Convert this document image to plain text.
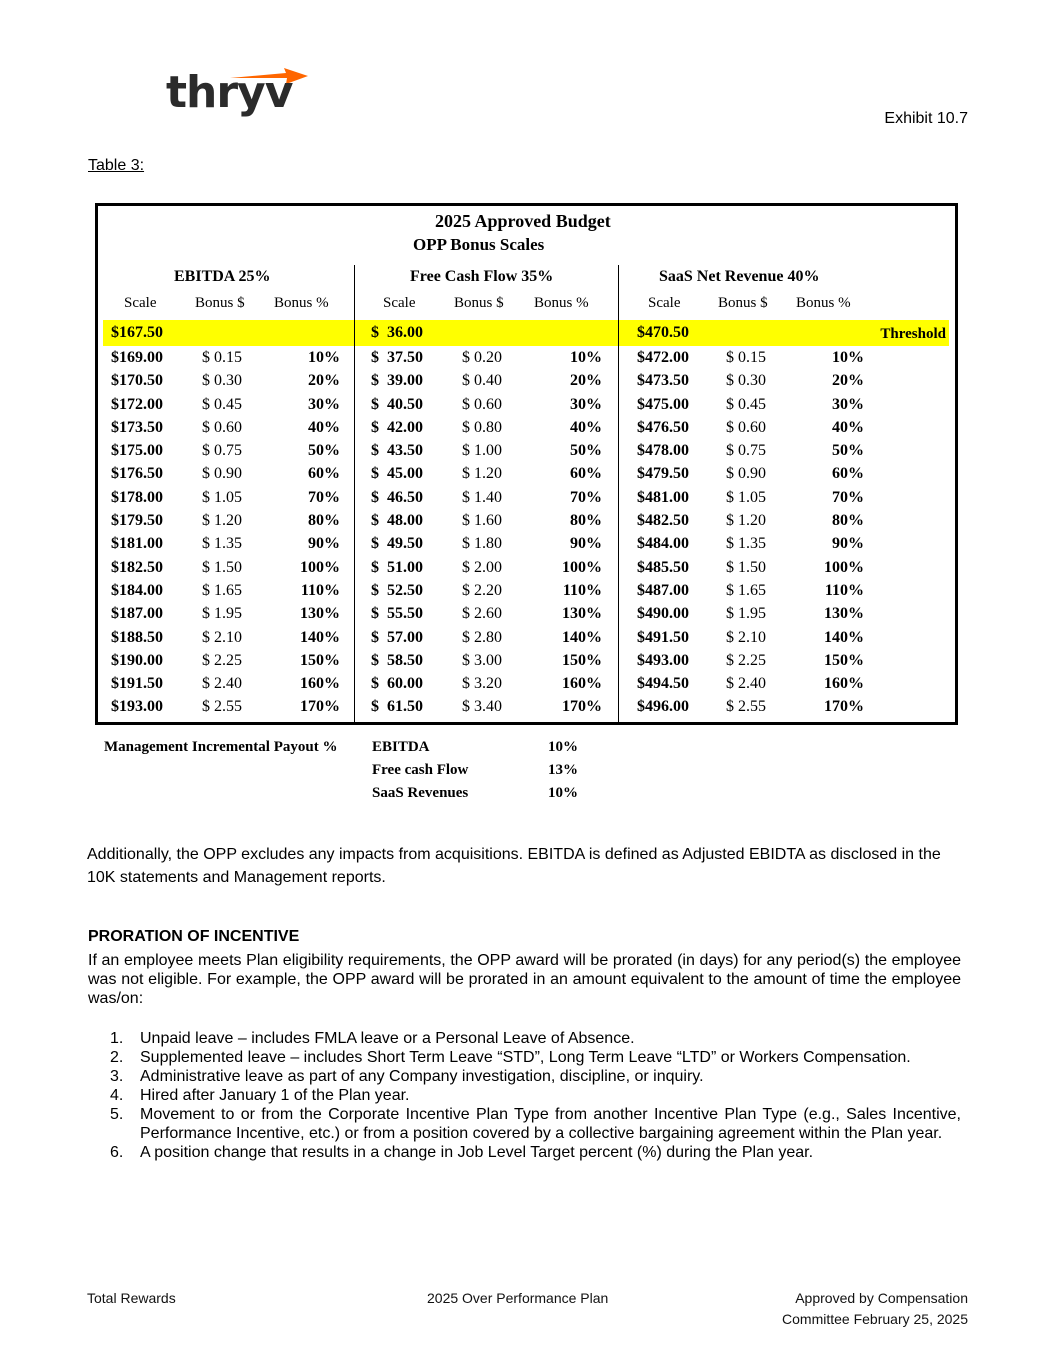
thryv
Exhibit 10.7
Table 3:
2025 Approved Budget
OPP Bonus Scales
EBITDA 25%
Scale	Bonus $ Bonus %
$167.50
$169.00 $ 0.15	10%
$170.50 $ 0.30	20%
$172.00 $ 0.45	30%
$173.50 $ 0.60	40%
$175.00 $ 0.75	50%
$176.50 $ 0.90	60%
$178.00 $ 1.05	70%
$179.50 $ 1.20	80%
$181.00 $ 1.35	90%
$182.50 $ 1.50	100%
$184.00 $ 1.65	110%
$187.00 $ 1.95	130%
$188.50 $ 2.10	140%
$190.00 $ 2.25	150%
$191.50 $ 2.40	160%
$193.00 $ 2.55	170%
Free Cash Flow 35%
Scale	Bonus $ Bonus %
$  36.00
$  37.50 $ 0.20	10%
$  39.00 $ 0.40	20%
$  40.50 $ 0.60	30%
$  42.00 $ 0.80	40%
$  43.50 $ 1.00	50%
$  45.00 $ 1.20	60%
$  46.50 $ 1.40	70%
$  48.00 $ 1.60	80%
$  49.50 $ 1.80	90%
$  51.00 $ 2.00	100%
$  52.50 $ 2.20	110%
$  55.50 $ 2.60	130%
$  57.00 $ 2.80	140%
$  58.50 $ 3.00	150%
$  60.00 $ 3.20	160%
$  61.50 $ 3.40	170%
SaaS Net Revenue 40%
Scale	Bonus $ Bonus %
$470.50
$472.00 $ 0.15	10%
$473.50 $ 0.30	20%
$475.00 $ 0.45	30%
$476.50 $ 0.60	40%
$478.00 $ 0.75	50%
$479.50 $ 0.90	60%
$481.00 $ 1.05	70%
$482.50 $ 1.20	80%
$484.00 $ 1.35	90%
$485.50 $ 1.50	100%
$487.00 $ 1.65	110%
$490.00 $ 1.95	130%
$491.50 $ 2.10	140%
$493.00 $ 2.25	150%
$494.50 $ 2.40	160%
$496.00 $ 2.55	170%
Threshold
Management Incremental Payout % EBITDA	10%
Free cash Flow	13%
SaaS Revenues	10%
Additionally, the OPP excludes any impacts from acquisitions. EBITDA is defined as Adjusted EBIDTA as disclosed in the 10K statements and Management reports.
PRORATION OF INCENTIVE
If an employee meets Plan eligibility requirements, the OPP award will be prorated (in days) for any period(s) the employee was not eligible. For example, the OPP award will be prorated in an amount equivalent to the amount of time the employee was/on:
1. Unpaid leave – includes FMLA leave or a Personal Leave of Absence.
2. Supplemented leave – includes Short Term Leave “STD”, Long Term Leave “LTD” or Workers Compensation.
3. Administrative leave as part of any Company investigation, discipline, or inquiry.
4. Hired after January 1 of the Plan year.
5. Movement to or from the Corporate Incentive Plan Type from another Incentive Plan Type (e.g., Sales Incentive, Performance Incentive, etc.) or from a position covered by a collective bargaining agreement within the Plan year.
6. A position change that results in a change in Job Level Target percent (%) during the Plan year.
Total Rewards	2025 Over Performance Plan	Approved by Compensation
Committee February 25, 2025
